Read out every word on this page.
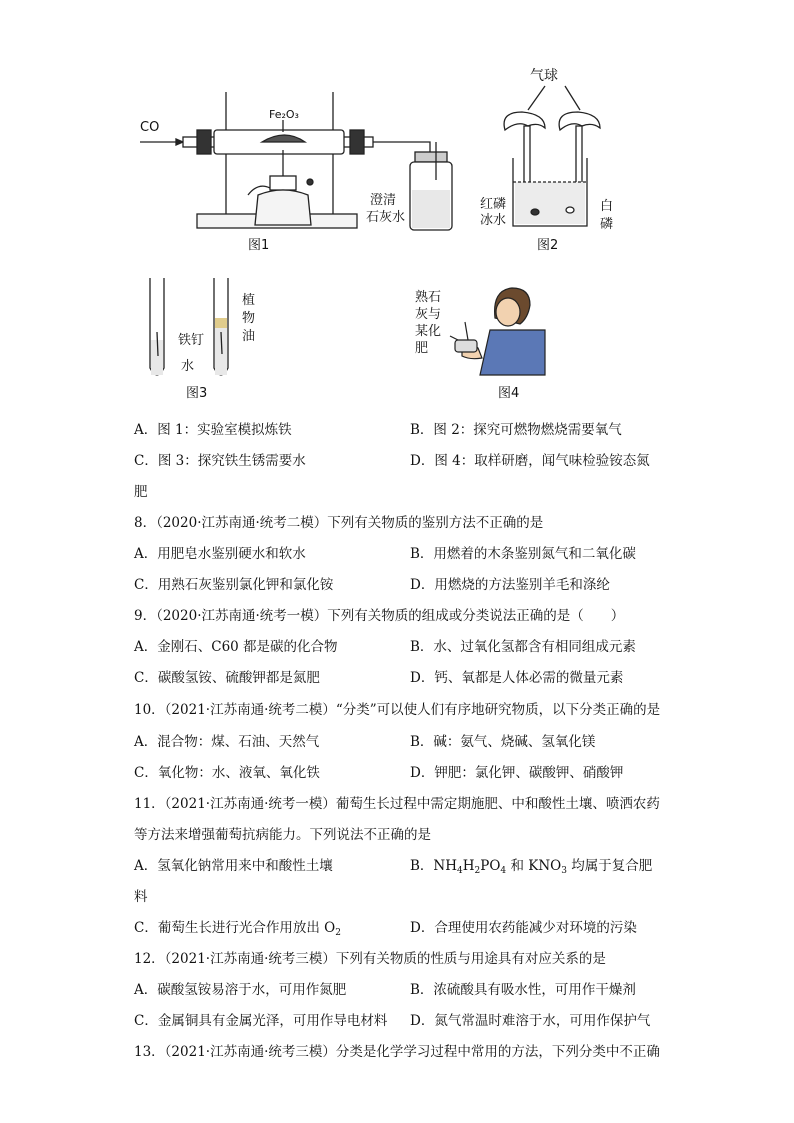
CO
Fe₂O₃
澄清
石灰水
图1
气球
红磷
冰水
白
磷
图2
铁钉
水
植
物
油
图3
熟石
灰与
某化
肥
图4
A．图 1：实验室模拟炼铁	B．图 2：探究可燃物燃烧需要氧气
C．图 3：探究铁生锈需要水	D．图 4：取样研磨，闻气味检验铵态氮
肥
8．（2020·江苏南通·统考二模）下列有关物质的鉴别方法不正确的是
A．用肥皂水鉴别硬水和软水	B．用燃着的木条鉴别氮气和二氧化碳
C．用熟石灰鉴别氯化钾和氯化铵	D．用燃烧的方法鉴别羊毛和涤纶
9．（2020·江苏南通·统考一模）下列有关物质的组成或分类说法正确的是（　　）
A．金刚石、C60 都是碳的化合物	B．水、过氧化氢都含有相同组成元素
C．碳酸氢铵、硫酸钾都是氮肥	D．钙、氧都是人体必需的微量元素
10．（2021·江苏南通·统考二模）“分类”可以使人们有序地研究物质，以下分类正确的是
A．混合物：煤、石油、天然气	B．碱：氨气、烧碱、氢氧化镁
C．氧化物：水、液氧、氧化铁	D．钾肥：氯化钾、碳酸钾、硝酸钾
11．（2021·江苏南通·统考一模）葡萄生长过程中需定期施肥、中和酸性土壤、喷洒农药
等方法来增强葡萄抗病能力。下列说法不正确的是
A．氢氧化钠常用来中和酸性土壤	B．$NH_4H_2PO_4$ 和 $KNO_3$ 均属于复合肥
料
C．葡萄生长进行光合作用放出 $O_2$	D．合理使用农药能减少对环境的污染
12．（2021·江苏南通·统考三模）下列有关物质的性质与用途具有对应关系的是
A．碳酸氢铵易溶于水，可用作氮肥	B．浓硫酸具有吸水性，可用作干燥剂
C．金属铜具有金属光泽，可用作导电材料 D．氮气常温时难溶于水，可用作保护气
13．（2021·江苏南通·统考三模）分类是化学学习过程中常用的方法，下列分类中不正确
